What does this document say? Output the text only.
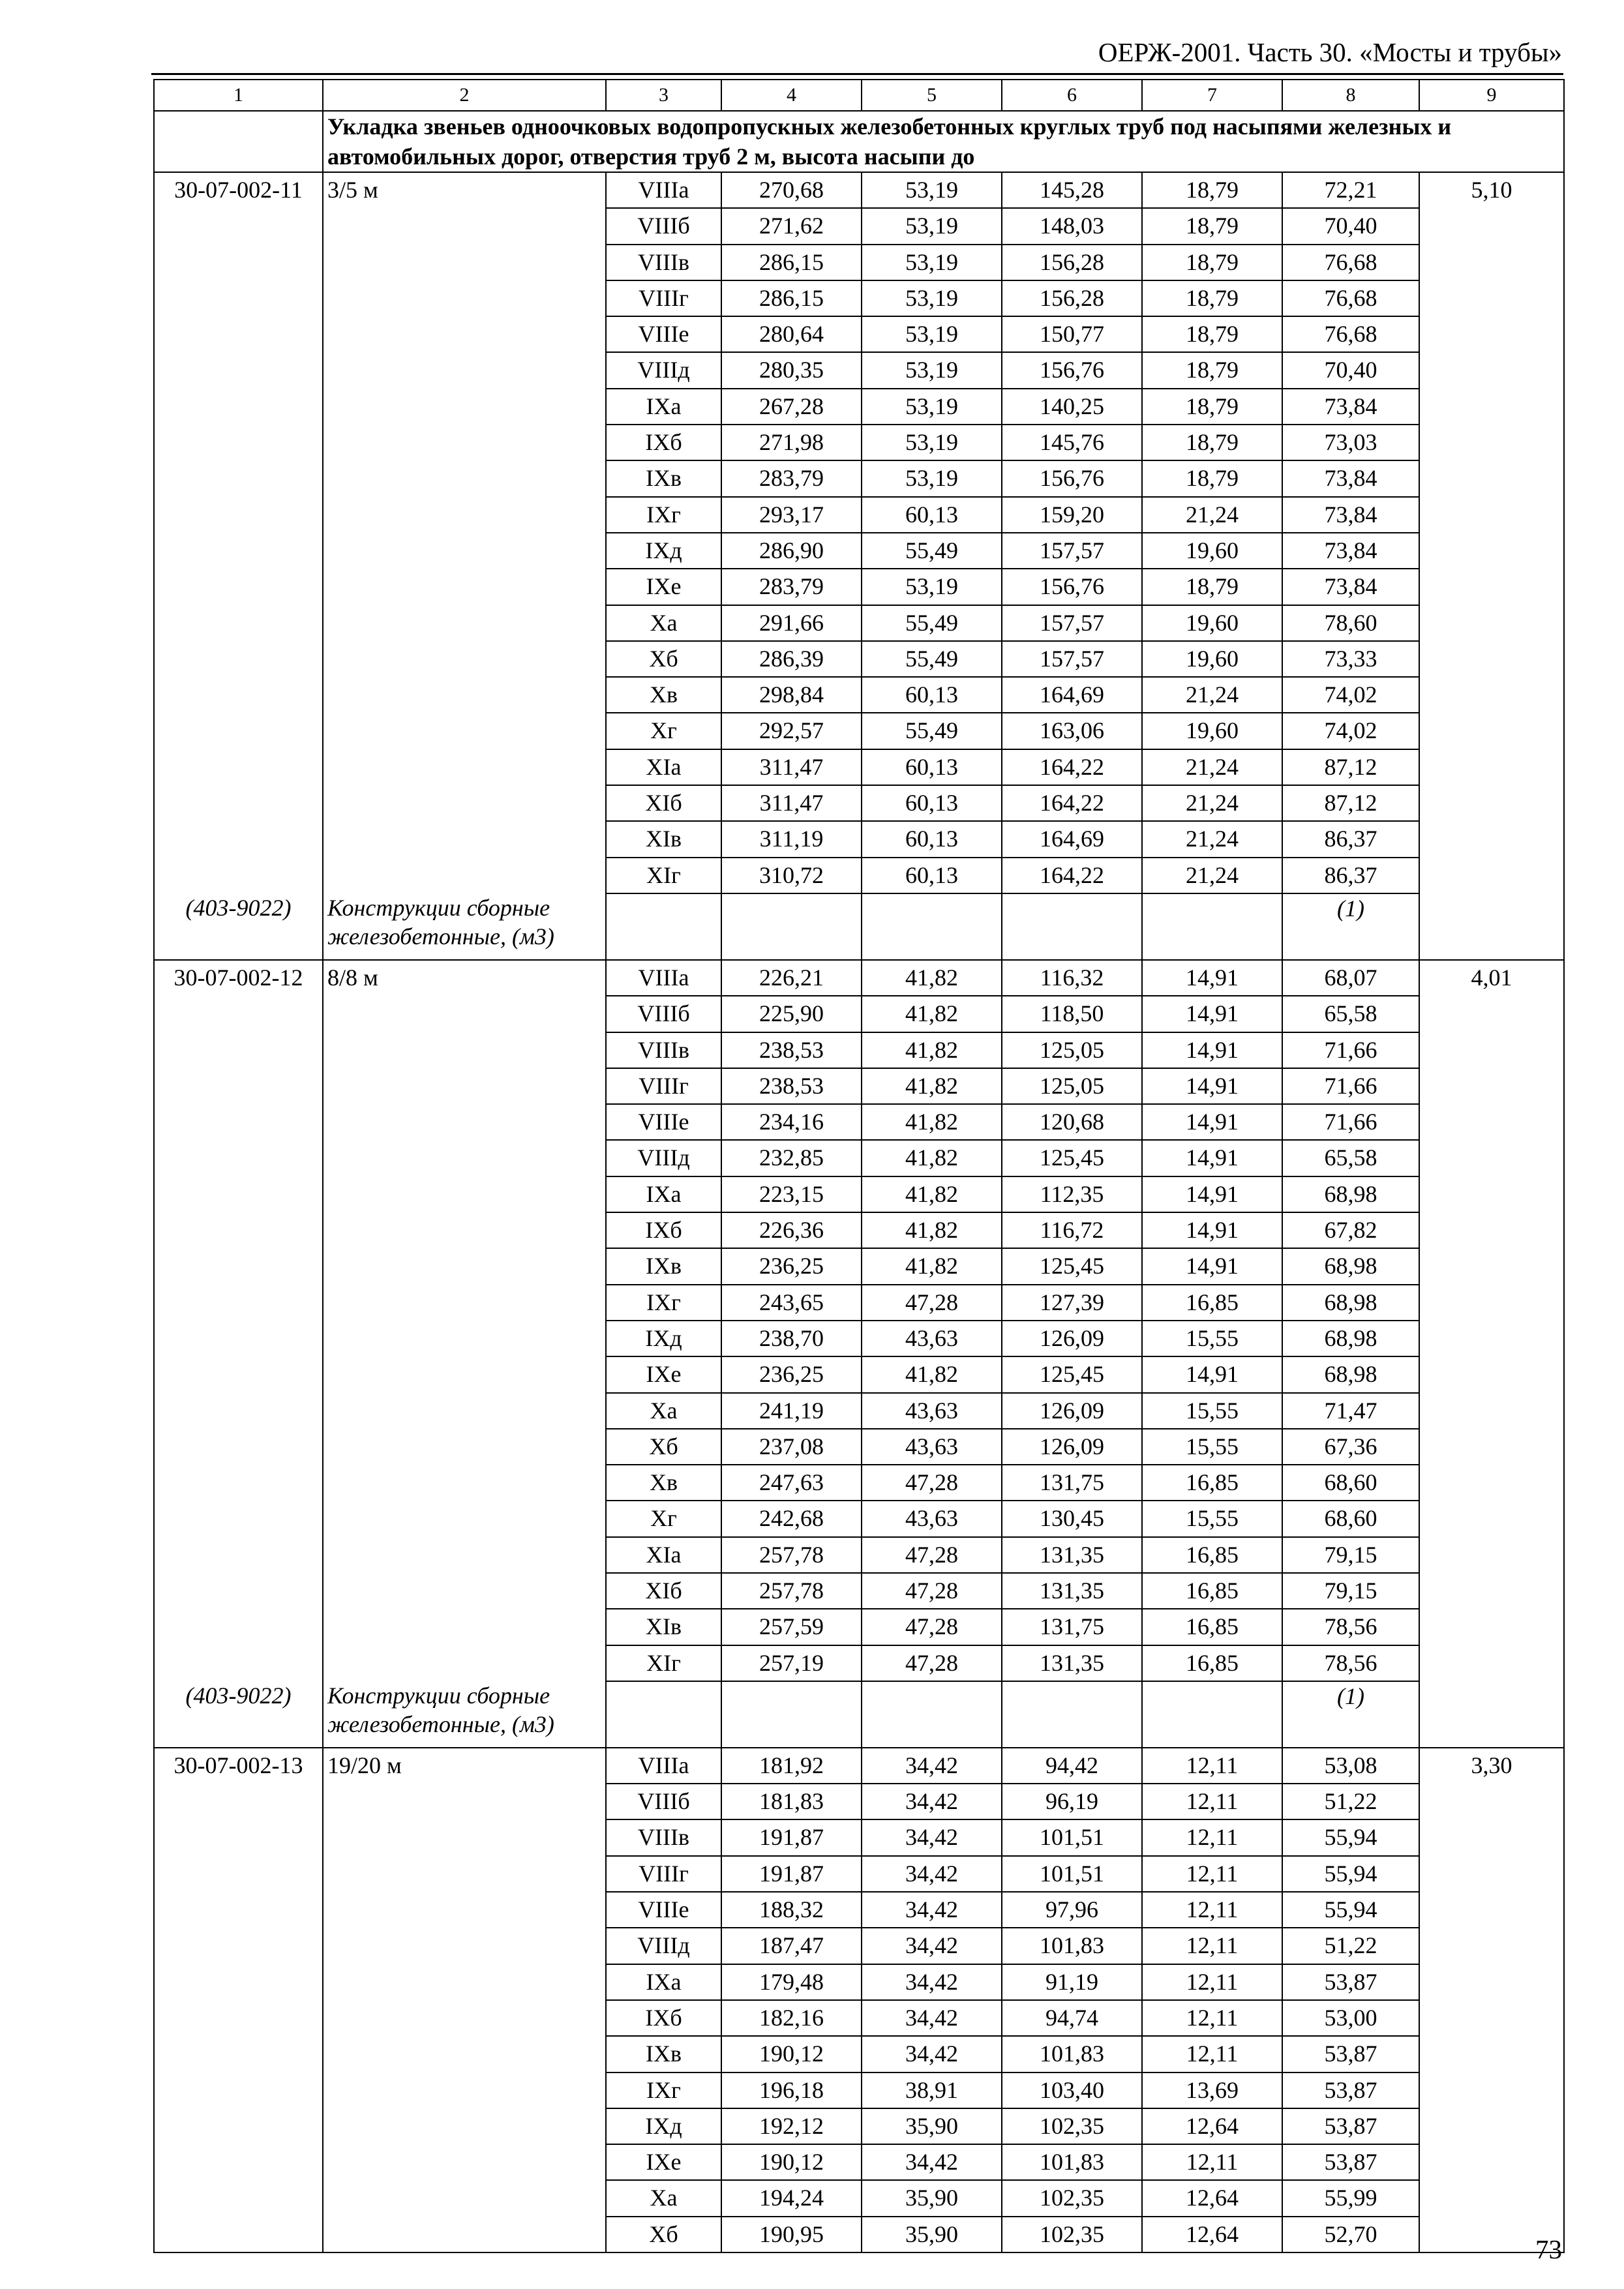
ОЕРЖ-2001. Часть 30. «Мосты и трубы»
1	2	3	4	5	6	7	8	9
	Укладка звеньев одноочковых водопропускных железобетонных круглых труб под насыпями железных и автомобильных дорог, отверстия труб 2 м, высота насыпи до							
30-07-002-11	3/5 м	VIIIа	270,68	53,19	145,28	18,79	72,21	5,10
		VIIIб	271,62	53,19	148,03	18,79	70,40	
		VIIIв	286,15	53,19	156,28	18,79	76,68	
		VIIIг	286,15	53,19	156,28	18,79	76,68	
		VIIIе	280,64	53,19	150,77	18,79	76,68	
		VIIIд	280,35	53,19	156,76	18,79	70,40	
		IXа	267,28	53,19	140,25	18,79	73,84	
		IXб	271,98	53,19	145,76	18,79	73,03	
		IXв	283,79	53,19	156,76	18,79	73,84	
		IXг	293,17	60,13	159,20	21,24	73,84	
		IXд	286,90	55,49	157,57	19,60	73,84	
		IXе	283,79	53,19	156,76	18,79	73,84	
		Xа	291,66	55,49	157,57	19,60	78,60	
		Xб	286,39	55,49	157,57	19,60	73,33	
		Xв	298,84	60,13	164,69	21,24	74,02	
		Xг	292,57	55,49	163,06	19,60	74,02	
		XIа	311,47	60,13	164,22	21,24	87,12	
		XIб	311,47	60,13	164,22	21,24	87,12	
		XIв	311,19	60,13	164,69	21,24	86,37	
		XIг	310,72	60,13	164,22	21,24	86,37	
(403-9022)	Конструкции сборные железобетонные, (м3)						(1)	
30-07-002-12	8/8 м	VIIIа	226,21	41,82	116,32	14,91	68,07	4,01
		VIIIб	225,90	41,82	118,50	14,91	65,58	
		VIIIв	238,53	41,82	125,05	14,91	71,66	
		VIIIг	238,53	41,82	125,05	14,91	71,66	
		VIIIе	234,16	41,82	120,68	14,91	71,66	
		VIIIд	232,85	41,82	125,45	14,91	65,58	
		IXа	223,15	41,82	112,35	14,91	68,98	
		IXб	226,36	41,82	116,72	14,91	67,82	
		IXв	236,25	41,82	125,45	14,91	68,98	
		IXг	243,65	47,28	127,39	16,85	68,98	
		IXд	238,70	43,63	126,09	15,55	68,98	
		IXе	236,25	41,82	125,45	14,91	68,98	
		Xа	241,19	43,63	126,09	15,55	71,47	
		Xб	237,08	43,63	126,09	15,55	67,36	
		Xв	247,63	47,28	131,75	16,85	68,60	
		Xг	242,68	43,63	130,45	15,55	68,60	
		XIа	257,78	47,28	131,35	16,85	79,15	
		XIб	257,78	47,28	131,35	16,85	79,15	
		XIв	257,59	47,28	131,75	16,85	78,56	
		XIг	257,19	47,28	131,35	16,85	78,56	
(403-9022)	Конструкции сборные железобетонные, (м3)						(1)	
30-07-002-13	19/20 м	VIIIа	181,92	34,42	94,42	12,11	53,08	3,30
		VIIIб	181,83	34,42	96,19	12,11	51,22	
		VIIIв	191,87	34,42	101,51	12,11	55,94	
		VIIIг	191,87	34,42	101,51	12,11	55,94	
		VIIIе	188,32	34,42	97,96	12,11	55,94	
		VIIIд	187,47	34,42	101,83	12,11	51,22	
		IXа	179,48	34,42	91,19	12,11	53,87	
		IXб	182,16	34,42	94,74	12,11	53,00	
		IXв	190,12	34,42	101,83	12,11	53,87	
		IXг	196,18	38,91	103,40	13,69	53,87	
		IXд	192,12	35,90	102,35	12,64	53,87	
		IXе	190,12	34,42	101,83	12,11	53,87	
		Xа	194,24	35,90	102,35	12,64	55,99	
		Xб	190,95	35,90	102,35	12,64	52,70	
73
